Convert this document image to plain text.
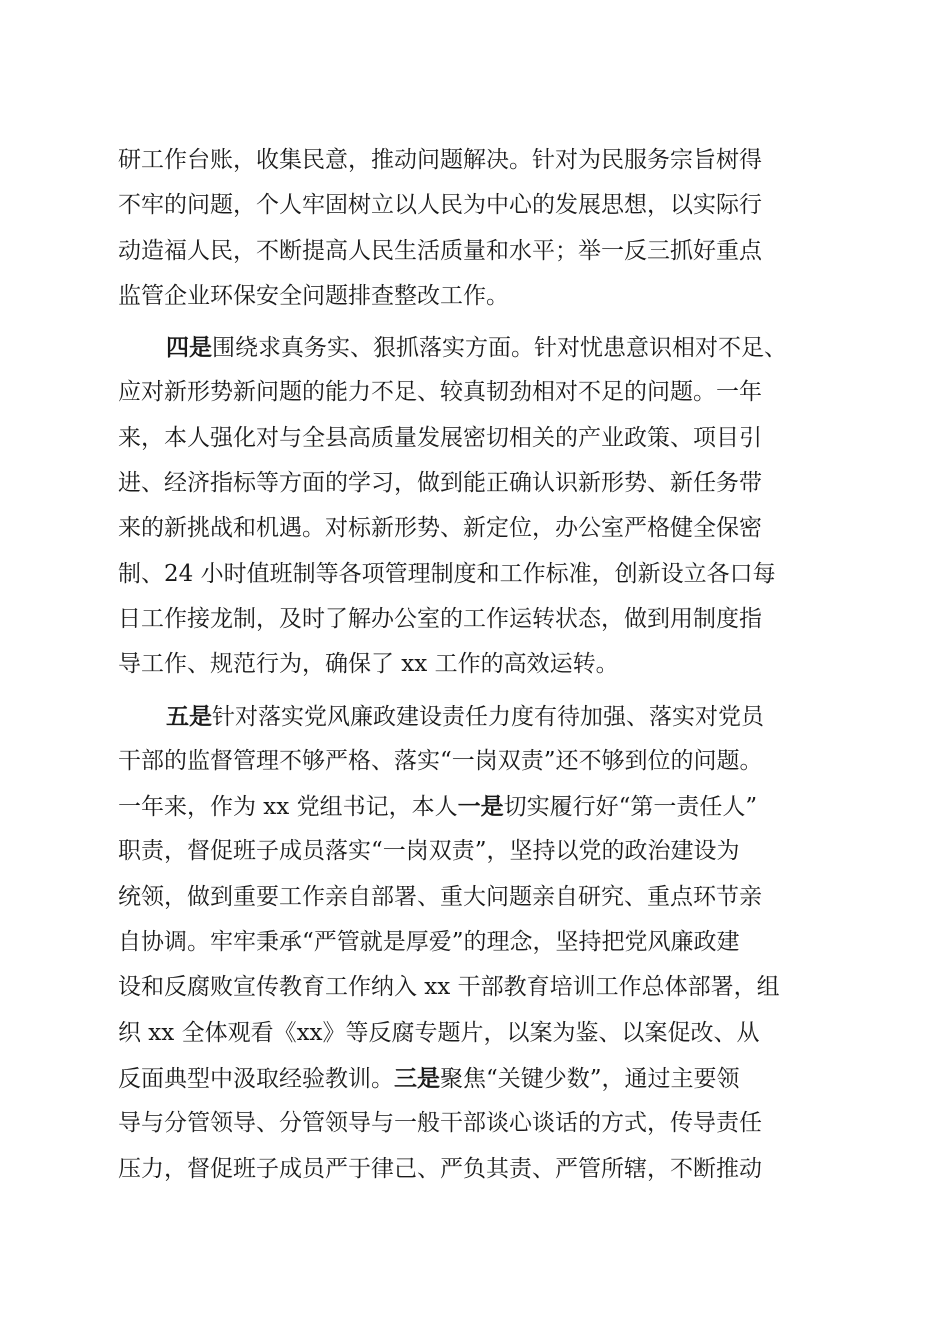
研工作台账，收集民意，推动问题解决。针对为民服务宗旨树得
不牢的问题，个人牢固树立以人民为中心的发展思想，以实际行
动造福人民，不断提高人民生活质量和水平；举一反三抓好重点
监管企业环保安全问题排查整改工作。
四是围绕求真务实、狠抓落实方面。针对忧患意识相对不足、
应对新形势新问题的能力不足、较真韧劲相对不足的问题。一年
来，本人强化对与全县高质量发展密切相关的产业政策、项目引
进、经济指标等方面的学习，做到能正确认识新形势、新任务带
来的新挑战和机遇。对标新形势、新定位，办公室严格健全保密
制、24 小时值班制等各项管理制度和工作标准，创新设立各口每
日工作接龙制，及时了解办公室的工作运转状态，做到用制度指
导工作、规范行为，确保了 xx 工作的高效运转。
五是针对落实党风廉政建设责任力度有待加强、落实对党员
干部的监督管理不够严格、落实“一岗双责”还不够到位的问题。
一年来，作为 xx 党组书记，本人一是切实履行好“第一责任人”
职责，督促班子成员落实“一岗双责”，坚持以党的政治建设为
统领，做到重要工作亲自部署、重大问题亲自研究、重点环节亲
自协调。牢牢秉承“严管就是厚爱”的理念，坚持把党风廉政建
设和反腐败宣传教育工作纳入 xx 干部教育培训工作总体部署，组
织 xx 全体观看《xx》等反腐专题片，以案为鉴、以案促改、从
反面典型中汲取经验教训。三是聚焦“关键少数”，通过主要领
导与分管领导、分管领导与一般干部谈心谈话的方式，传导责任
压力，督促班子成员严于律己、严负其责、严管所辖，不断推动
